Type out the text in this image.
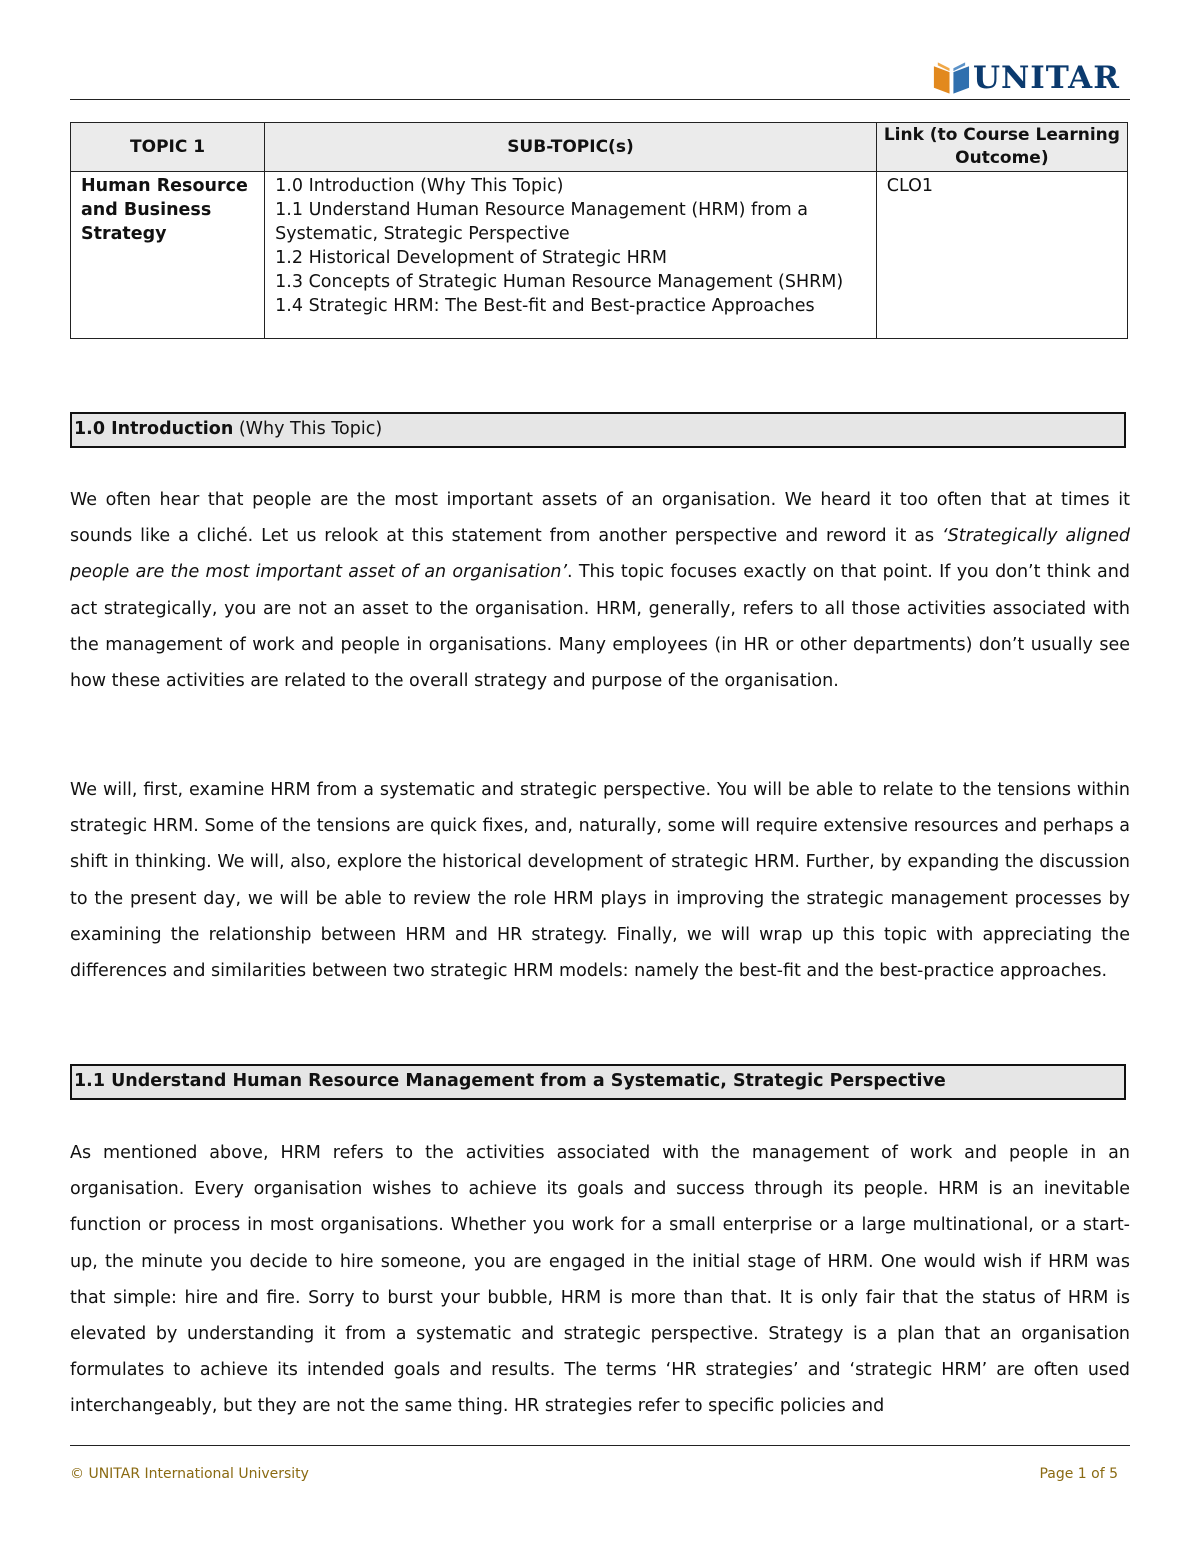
UNITAR
TOPIC 1	SUB-TOPIC(s)	Link (to Course Learning Outcome)

Human Resource and Business Strategy	1.0 Introduction (Why This Topic)
1.1 Understand Human Resource Management (HRM) from a Systematic, Strategic Perspective
1.2 Historical Development of Strategic HRM
1.3 Concepts of Strategic Human Resource Management (SHRM)
1.4 Strategic HRM: The Best-fit and Best-practice Approaches	CLO1
1.0 Introduction (Why This Topic)
We often hear that people are the most important assets of an organisation. We heard it too often that at times it sounds like a cliché. Let us relook at this statement from another perspective and reword it as ‘Strategically aligned people are the most important asset of an organisation’. This topic focuses exactly on that point. If you don’t think and act strategically, you are not an asset to the organisation. HRM, generally, refers to all those activities associated with the management of work and people in organisations. Many employees (in HR or other departments) don’t usually see how these activities are related to the overall strategy and purpose of the organisation.
We will, first, examine HRM from a systematic and strategic perspective. You will be able to relate to the tensions within strategic HRM. Some of the tensions are quick fixes, and, naturally, some will require extensive resources and perhaps a shift in thinking. We will, also, explore the historical development of strategic HRM. Further, by expanding the discussion to the present day, we will be able to review the role HRM plays in improving the strategic management processes by examining the relationship between HRM and HR strategy. Finally, we will wrap up this topic with appreciating the differences and similarities between two strategic HRM models: namely the best-fit and the best-practice approaches.
1.1 Understand Human Resource Management from a Systematic, Strategic Perspective
As mentioned above, HRM refers to the activities associated with the management of work and people in an organisation. Every organisation wishes to achieve its goals and success through its people. HRM is an inevitable function or process in most organisations. Whether you work for a small enterprise or a large multinational, or a start-up, the minute you decide to hire someone, you are engaged in the initial stage of HRM. One would wish if HRM was that simple: hire and fire. Sorry to burst your bubble, HRM is more than that. It is only fair that the status of HRM is elevated by understanding it from a systematic and strategic perspective. Strategy is a plan that an organisation formulates to achieve its intended goals and results. The terms ‘HR strategies’ and ‘strategic HRM’ are often used interchangeably, but they are not the same thing. HR strategies refer to specific policies and
© UNITAR International University	Page 1 of 5
